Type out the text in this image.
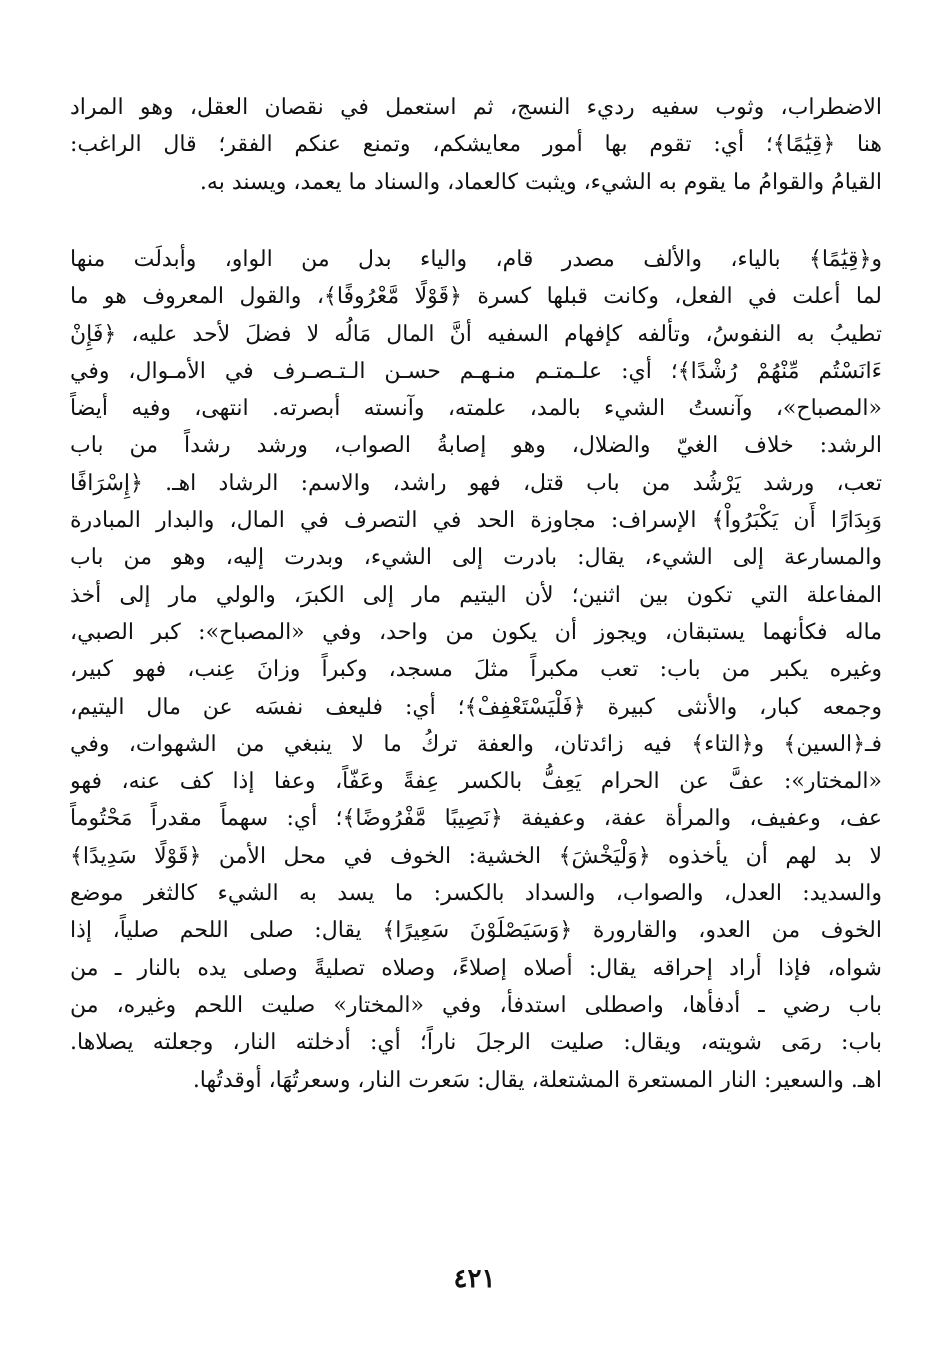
الاضطراب، وثوب سفيه رديء النسج، ثم استعمل في نقصان العقل، وهو المراد
هنا ﴿قِيَٰمًا﴾؛ أي: تقوم بها أمور معايشكم، وتمنع عنكم الفقر؛ قال الراغب:
القيامُ والقوامُ ما يقوم به الشيء، ويثبت كالعماد، والسناد ما يعمد، ويسند به.
و﴿قِيَٰمًا﴾ بالياء، والألف مصدر قام، والياء بدل من الواو، وأبدلَت منها
لما أعلت في الفعل، وكانت قبلها كسرة ﴿قَوْلًا مَّعْرُوفًا﴾، والقول المعروف هو ما
تطيبُ به النفوسُ، وتألفه كإفهام السفيه أنَّ المال مَالُه لا فضلَ لأحد عليه، ﴿فَإِنْ
ءَانَسْتُم مِّنْهُمْ رُشْدًا﴾؛ أي: علـمتـم منـهـم حسـن الـتـصـرف في الأمـوال، وفي
«المصباح»، وآنستُ الشيء بالمد، علمته، وآنسته أبصرته. انتهى، وفيه أيضاً
الرشد: خلاف الغيّ والضلال، وهو إصابةُ الصواب، ورشد رشداً من باب
تعب، ورشد يَرْشُد من باب قتل، فهو راشد، والاسم: الرشاد اهـ. ﴿إِسْرَافًا
وَبِدَارًا أَن يَكْبَرُواْ﴾ الإسراف: مجاوزة الحد في التصرف في المال، والبدار المبادرة
والمسارعة إلى الشيء، يقال: بادرت إلى الشيء، وبدرت إليه، وهو من باب
المفاعلة التي تكون بين اثنين؛ لأن اليتيم مار إلى الكبرَ، والولي مار إلى أخذ
ماله فكأنهما يستبقان، ويجوز أن يكون من واحد، وفي «المصباح»: كبر الصبي،
وغيره يكبر من باب: تعب مكبراً مثلَ مسجد، وكبراً وزانَ عِنب، فهو كبير،
وجمعه كبار، والأنثى كبيرة ﴿فَلْيَسْتَعْفِفْ﴾؛ أي: فليعف نفسَه عن مال اليتيم،
فـ﴿السين﴾ و﴿التاء﴾ فيه زائدتان، والعفة تركُ ما لا ينبغي من الشهوات، وفي
«المختار»: عفَّ عن الحرام يَعِفُّ بالكسر عِفةً وعَفّاً، وعفا إذا كف عنه، فهو
عف، وعفيف، والمرأة عفة، وعفيفة ﴿نَصِيبًا مَّفْرُوضًا﴾؛ أي: سهماً مقدراً مَحْتُوماً
لا بد لهم أن يأخذوه ﴿وَلْيَخْشَ﴾ الخشية: الخوف في محل الأمن ﴿قَوْلًا سَدِيدًا﴾
والسديد: العدل، والصواب، والسداد بالكسر: ما يسد به الشيء كالثغر موضع
الخوف من العدو، والقارورة ﴿وَسَيَصْلَوْنَ سَعِيرًا﴾ يقال: صلى اللحم صلياً، إذا
شواه، فإذا أراد إحراقه يقال: أصلاه إصلاءً، وصلاه تصليةً وصلى يده بالنار ـ من
باب رضي ـ أدفأها، واصطلى استدفأ، وفي «المختار» صليت اللحم وغيره، من
باب: رمَى شويته، ويقال: صليت الرجلَ ناراً؛ أي: أدخلته النار، وجعلته يصلاها.
اهـ. والسعير: النار المستعرة المشتعلة، يقال: سَعرت النار، وسعرتُهَا، أوقدتُها.
٤٢١
